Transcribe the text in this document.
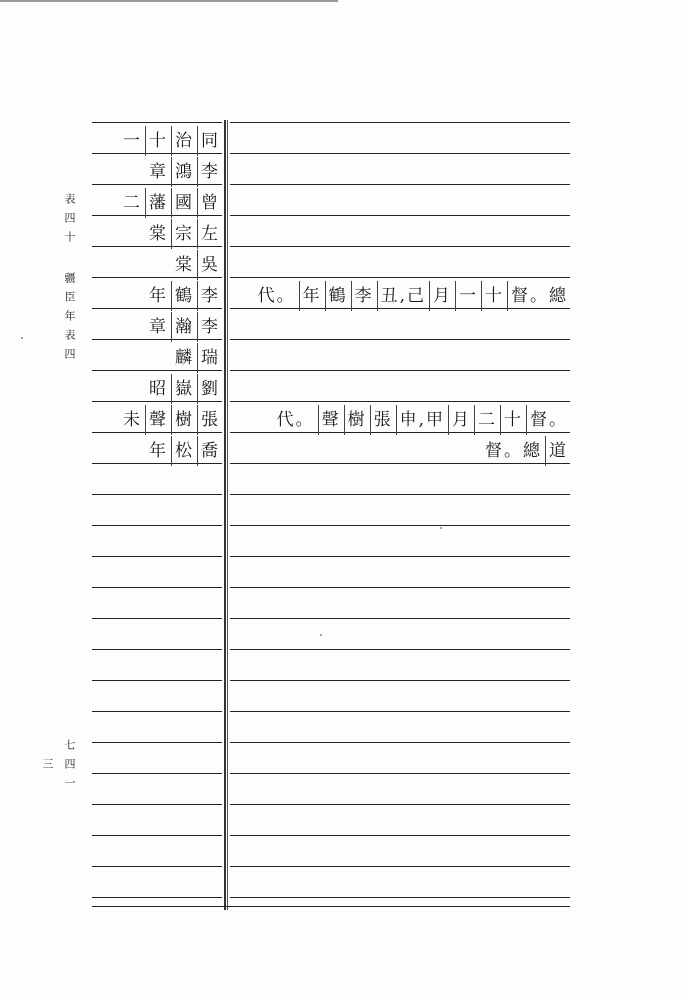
表四十
疆臣年表四
七四一三
一 十 治 同
章 鴻 李
二 藩 國 曾
棠 宗 左
棠 吳
年 鶴 李 代。 年 鶴 李 丑,己 月 一 十 督。總
章 瀚 李
麟 瑞
昭 嶽 劉
未 聲 樹 張	代。 聲 樹 張 申,甲 月 二 十 督。
年 松 喬	督。總 道
